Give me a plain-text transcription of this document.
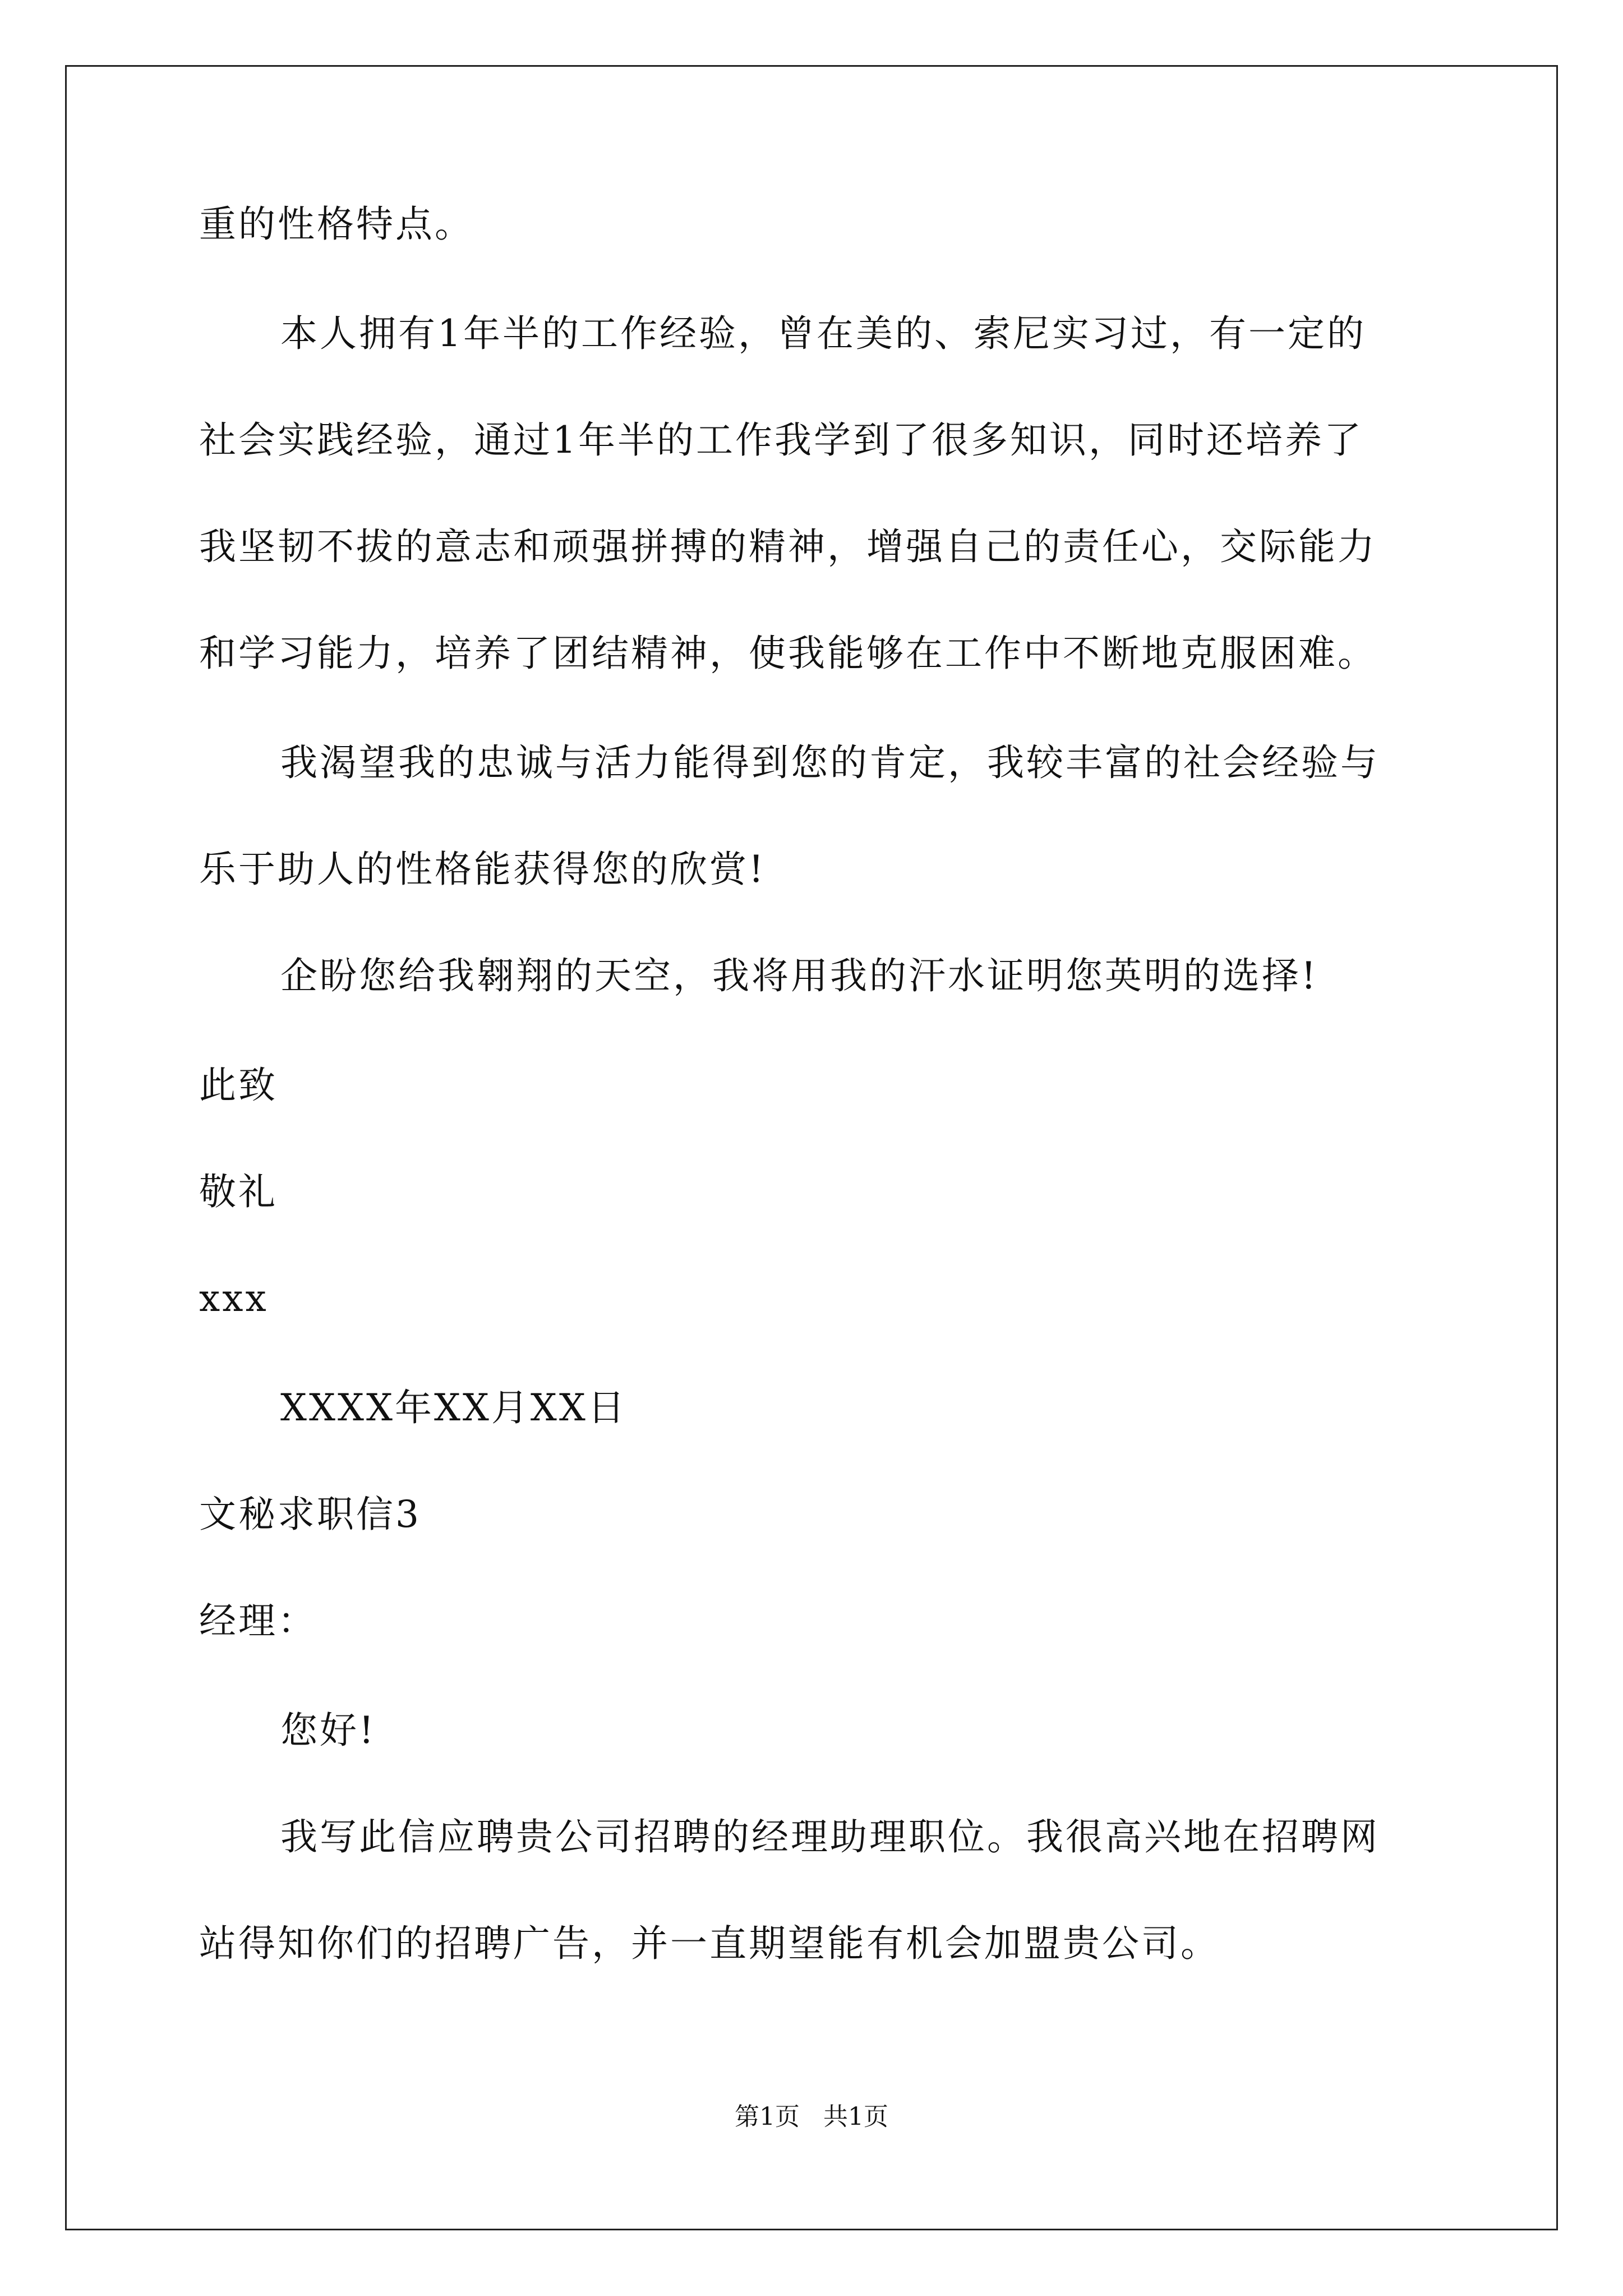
重的性格特点。
本人拥有1年半的工作经验，曾在美的、索尼实习过，有一定的
社会实践经验，通过1年半的工作我学到了很多知识，同时还培养了
我坚韧不拔的意志和顽强拼搏的精神，增强自己的责任心，交际能力
和学习能力，培养了团结精神，使我能够在工作中不断地克服困难。
我渴望我的忠诚与活力能得到您的肯定，我较丰富的社会经验与
乐于助人的性格能获得您的欣赏!
企盼您给我翱翔的天空，我将用我的汗水证明您英明的选择!
此致
敬礼
xxx
XXXX年XX月XX日
文秘求职信3
经理：
您好!
我写此信应聘贵公司招聘的经理助理职位。我很高兴地在招聘网
站得知你们的招聘广告，并一直期望能有机会加盟贵公司。
第1页   共1页
